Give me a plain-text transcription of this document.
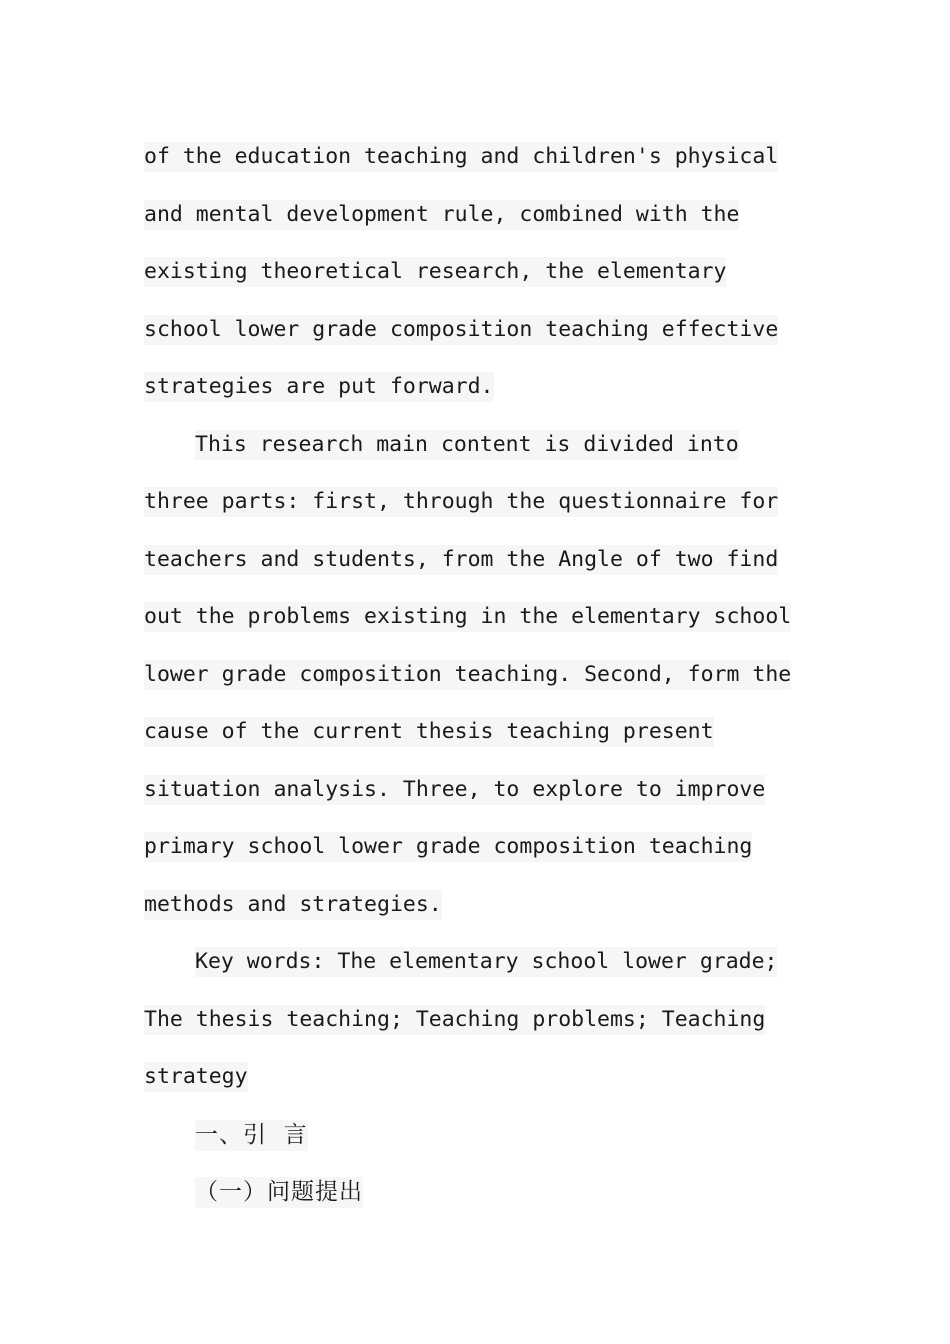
of the education teaching and children's physical
and mental development rule, combined with the
existing theoretical research, the elementary
school lower grade composition teaching effective
strategies are put forward.
This research main content is divided into
three parts: first, through the questionnaire for
teachers and students, from the Angle of two find
out the problems existing in the elementary school
lower grade composition teaching. Second, form the
cause of the current thesis teaching present
situation analysis. Three, to explore to improve
primary school lower grade composition teaching
methods and strategies.
Key words: The elementary school lower grade;
The thesis teaching; Teaching problems; Teaching
strategy
一、引  言
（一）问题提出
